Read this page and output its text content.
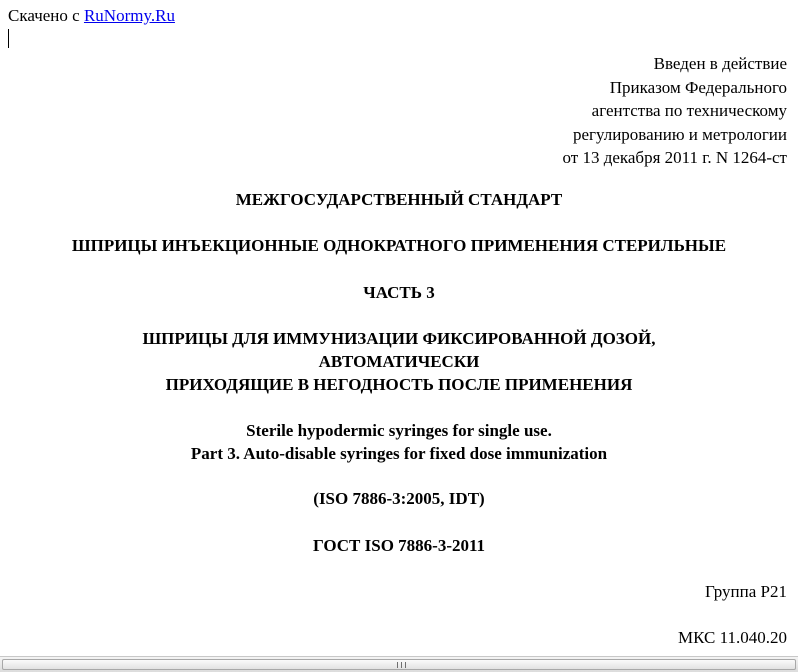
Скачено с RuNormy.Ru
Введен в действие
Приказом Федерального
агентства по техническому
регулированию и метрологии
от 13 декабря 2011 г. N 1264-ст
МЕЖГОСУДАРСТВЕННЫЙ СТАНДАРТ
ШПРИЦЫ ИНЪЕКЦИОННЫЕ ОДНОКРАТНОГО ПРИМЕНЕНИЯ СТЕРИЛЬНЫЕ
ЧАСТЬ 3
ШПРИЦЫ ДЛЯ ИММУНИЗАЦИИ ФИКСИРОВАННОЙ ДОЗОЙ,
АВТОМАТИЧЕСКИ
ПРИХОДЯЩИЕ В НЕГОДНОСТЬ ПОСЛЕ ПРИМЕНЕНИЯ
Sterile hypodermic syringes for single use.
Part 3. Auto-disable syringes for fixed dose immunization
(ISO 7886-3:2005, IDT)
ГОСТ ISO 7886-3-2011
Группа Р21
МКС 11.040.20
